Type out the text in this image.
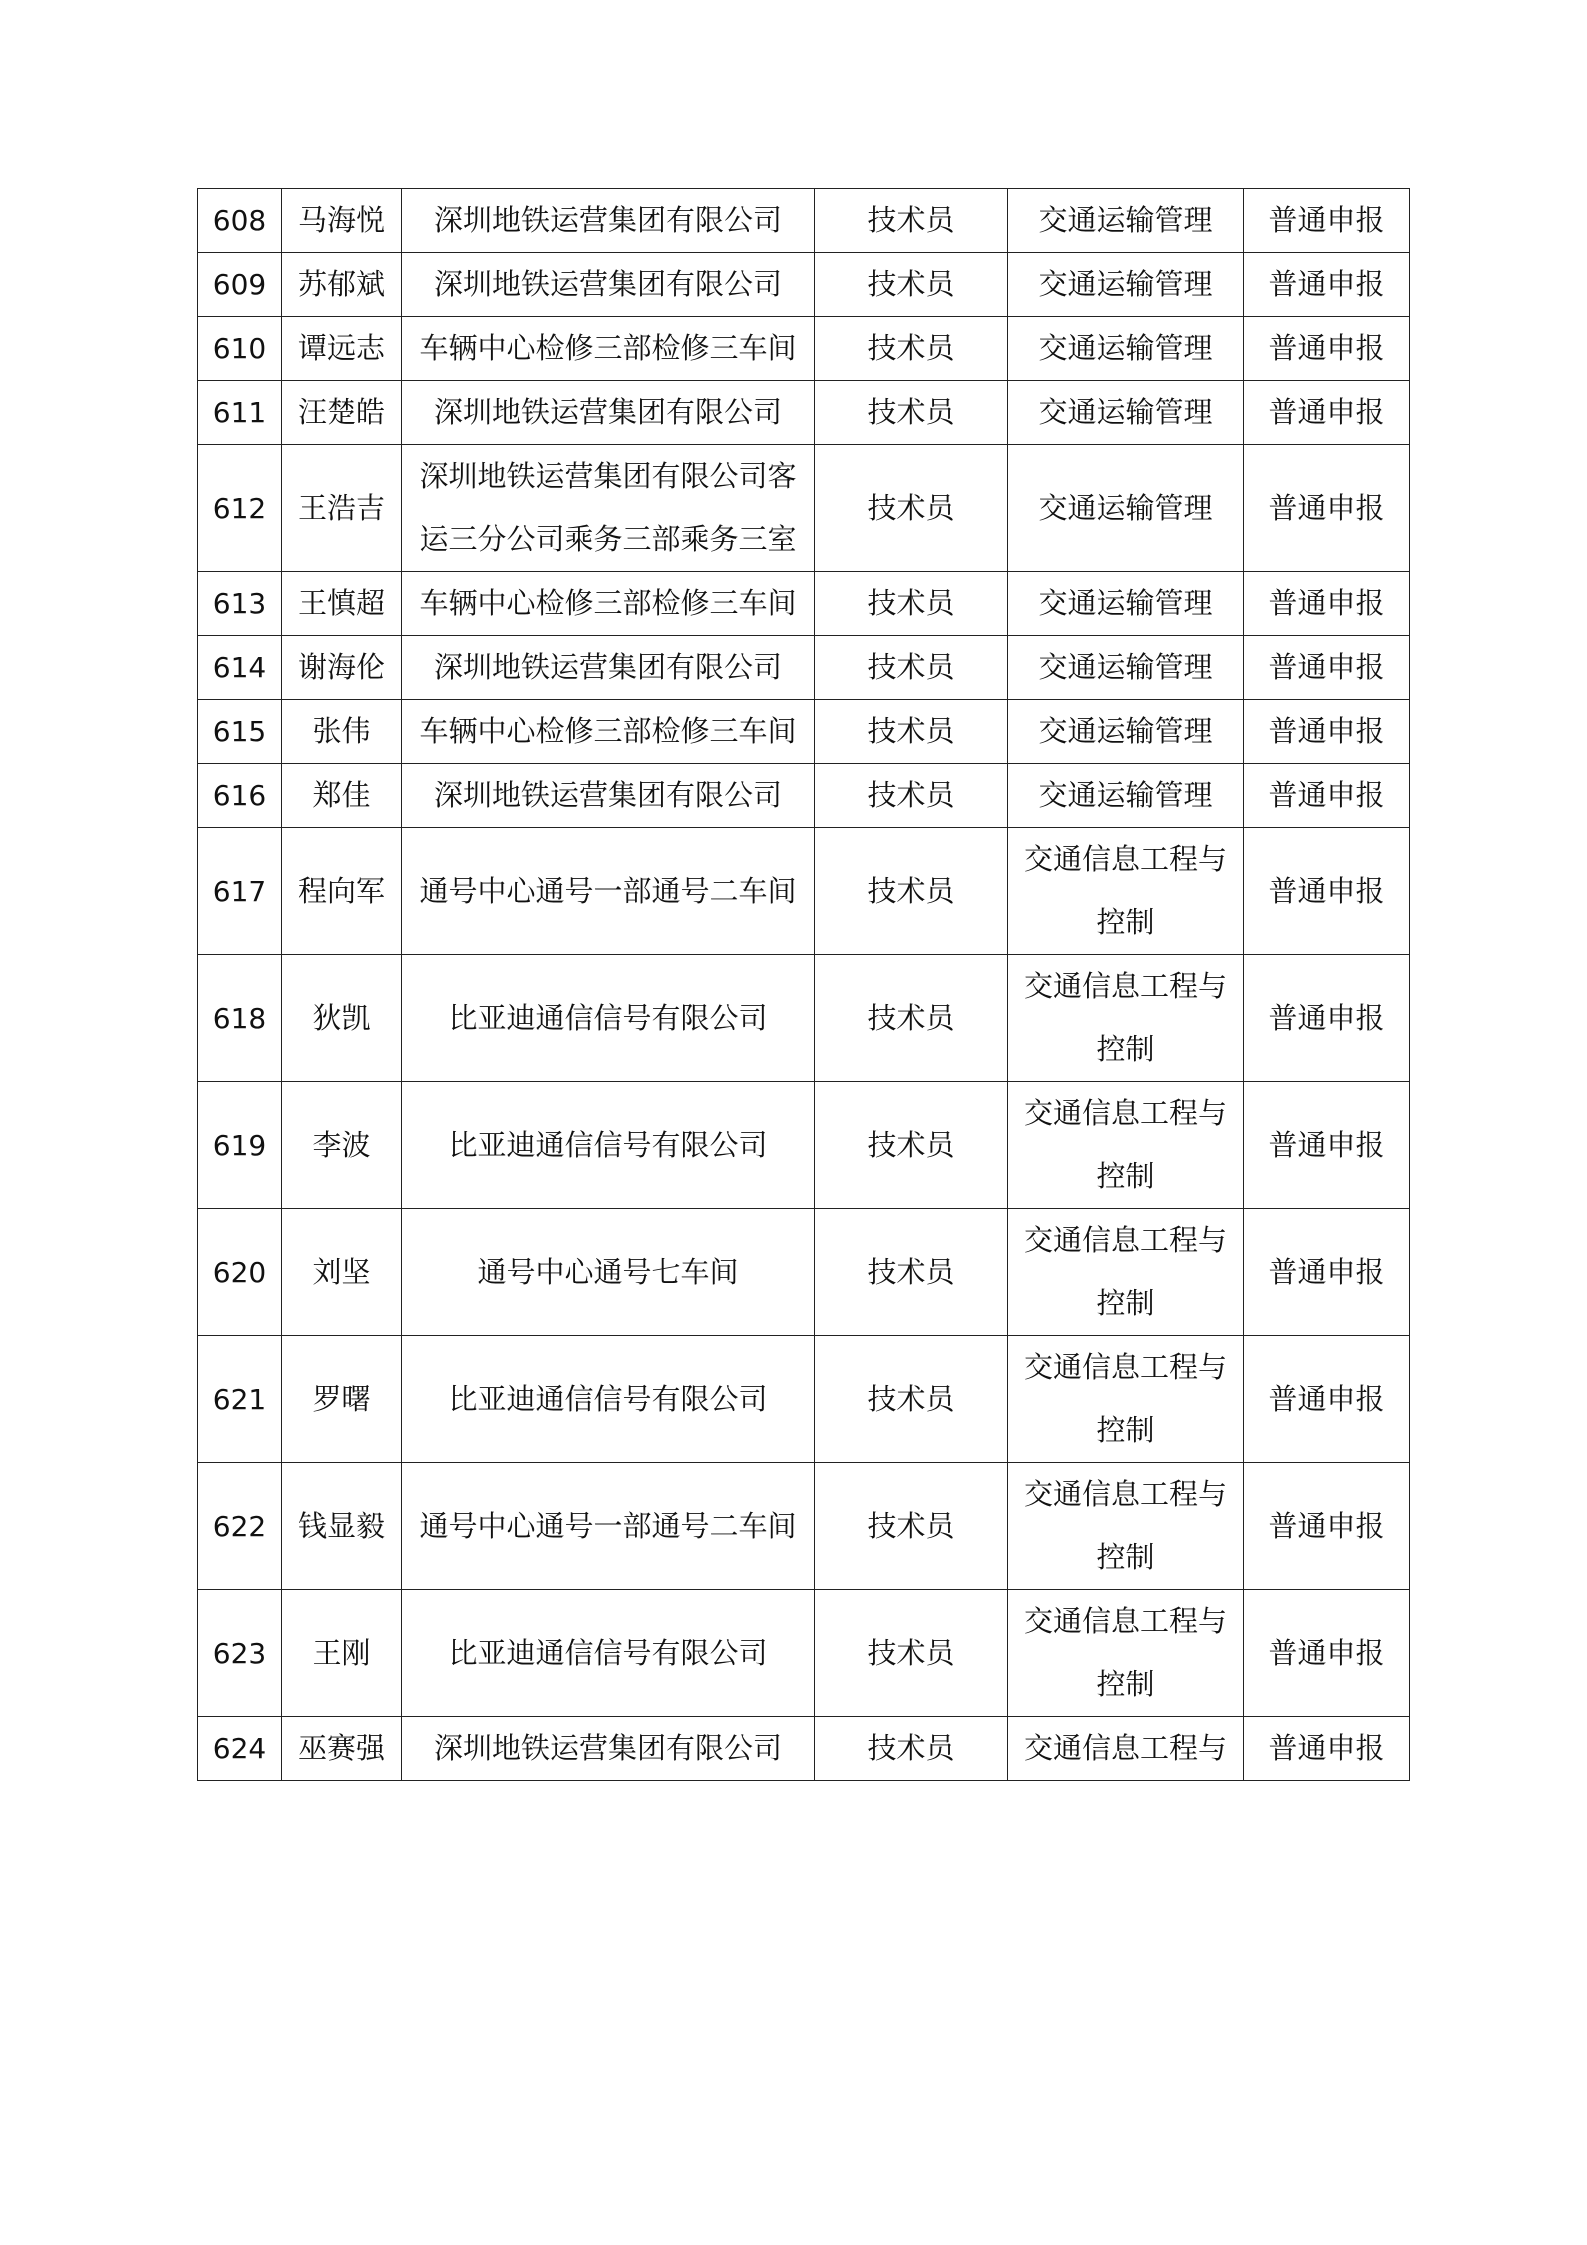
608	马海悦	深圳地铁运营集团有限公司	技术员	交通运输管理	普通申报
609	苏郁斌	深圳地铁运营集团有限公司	技术员	交通运输管理	普通申报
610	谭远志	车辆中心检修三部检修三车间	技术员	交通运输管理	普通申报
611	汪楚皓	深圳地铁运营集团有限公司	技术员	交通运输管理	普通申报
612	王浩吉	深圳地铁运营集团有限公司客运三分公司乘务三部乘务三室	技术员	交通运输管理	普通申报
613	王慎超	车辆中心检修三部检修三车间	技术员	交通运输管理	普通申报
614	谢海伦	深圳地铁运营集团有限公司	技术员	交通运输管理	普通申报
615	张伟	车辆中心检修三部检修三车间	技术员	交通运输管理	普通申报
616	郑佳	深圳地铁运营集团有限公司	技术员	交通运输管理	普通申报
617	程向军	通号中心通号一部通号二车间	技术员	交通信息工程与控制	普通申报
618	狄凯	比亚迪通信信号有限公司	技术员	交通信息工程与控制	普通申报
619	李波	比亚迪通信信号有限公司	技术员	交通信息工程与控制	普通申报
620	刘坚	通号中心通号七车间	技术员	交通信息工程与控制	普通申报
621	罗曙	比亚迪通信信号有限公司	技术员	交通信息工程与控制	普通申报
622	钱显毅	通号中心通号一部通号二车间	技术员	交通信息工程与控制	普通申报
623	王刚	比亚迪通信信号有限公司	技术员	交通信息工程与控制	普通申报
624	巫赛强	深圳地铁运营集团有限公司	技术员	交通信息工程与	普通申报
